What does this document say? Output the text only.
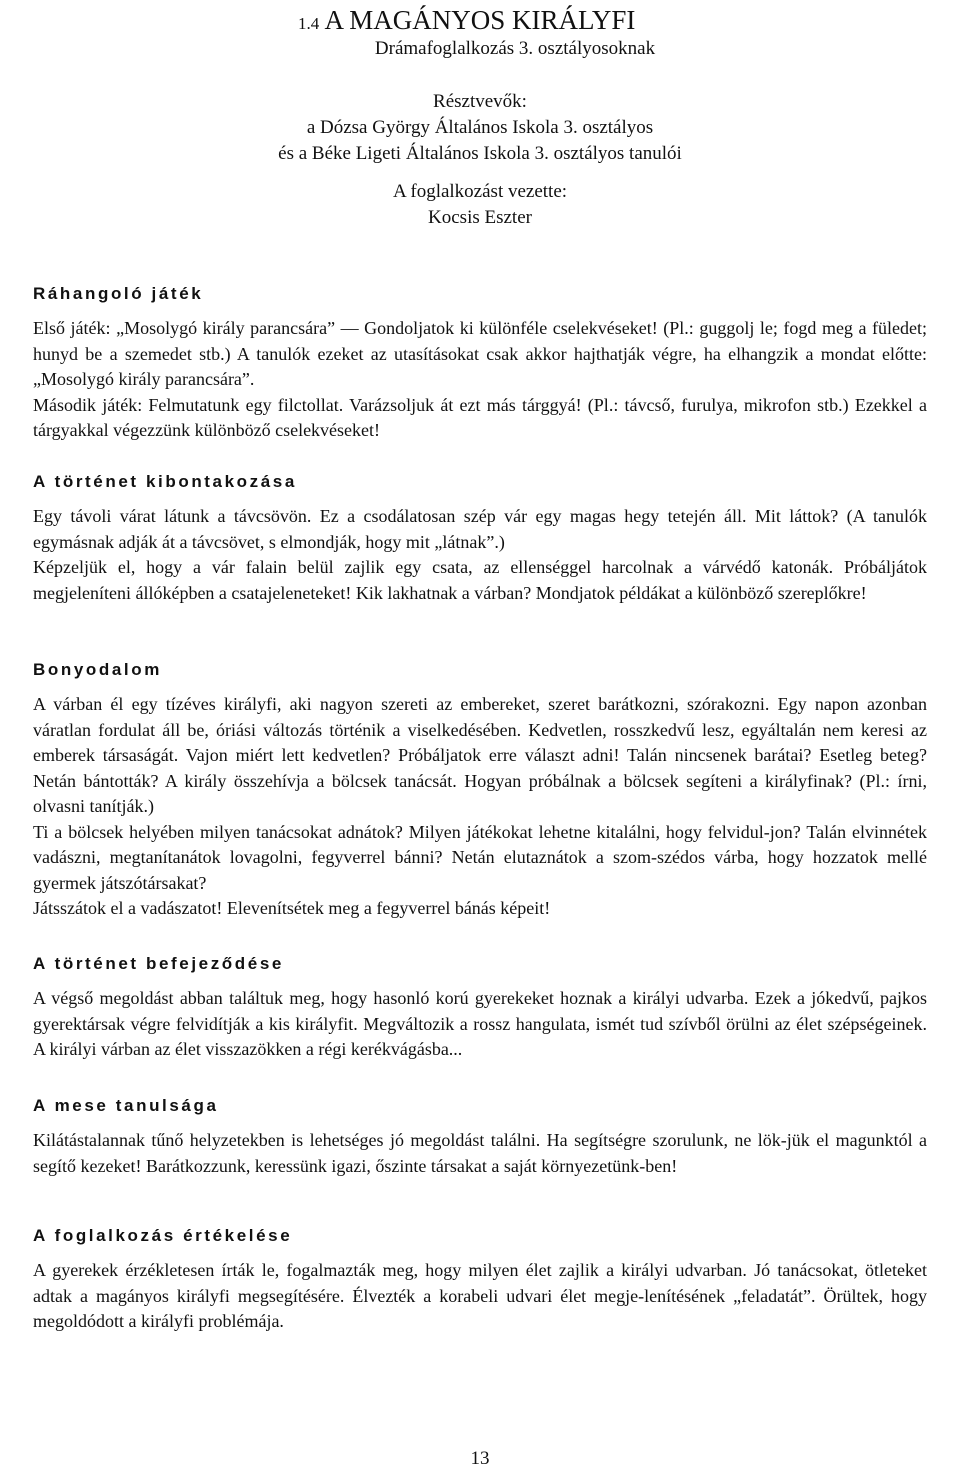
1.4 A MAGÁNYOS KIRÁLYFI
Drámafoglalkozás 3. osztályosoknak
Résztvevők:
a Dózsa György Általános Iskola 3. osztályos
és a Béke Ligeti Általános Iskola 3. osztályos tanulói
A foglalkozást vezette:
Kocsis Eszter
Ráhangoló játék

Első játék: „Mosolygó király parancsára” — Gondoljatok ki különféle cselekvéseket! (Pl.: guggolj le; fogd meg a füledet; hunyd be a szemedet stb.) A tanulók ezeket az utasításokat csak akkor hajthatják végre, ha elhangzik a mondat előtte: „Mosolygó király parancsára”.

Második játék: Felmutatunk egy filctollat. Varázsoljuk át ezt más tárggyá! (Pl.: távcső, furulya, mikrofon stb.) Ezekkel a tárgyakkal végezzünk különböző cselekvéseket!

A történet kibontakozása

Egy távoli várat látunk a távcsövön. Ez a csodálatosan szép vár egy magas hegy tetején áll. Mit láttok? (A tanulók egymásnak adják át a távcsövet, s elmondják, hogy mit „látnak”.)

Képzeljük el, hogy a vár falain belül zajlik egy csata, az ellenséggel harcolnak a várvédő katonák. Próbáljátok megjeleníteni állóképben a csatajeleneteket! Kik lakhatnak a várban? Mondjatok példákat a különböző szereplőkre!

Bonyodalom

A várban él egy tízéves királyfi, aki nagyon szereti az embereket, szeret barátkozni, szórakozni. Egy napon azonban váratlan fordulat áll be, óriási változás történik a viselkedésében. Kedvetlen, rosszkedvű lesz, egyáltalán nem keresi az emberek társaságát. Vajon miért lett kedvetlen? Próbáljatok erre választ adni! Talán nincsenek barátai? Esetleg beteg? Netán bántották? A király összehívja a bölcsek tanácsát. Hogyan próbálnak a bölcsek segíteni a királyfinak? (Pl.: írni, olvasni tanítják.)

Ti a bölcsek helyében milyen tanácsokat adnátok? Milyen játékokat lehetne kitalálni, hogy felvidul-jon? Talán elvinnétek vadászni, megtanítanátok lovagolni, fegyverrel bánni? Netán elutaznátok a szom-szédos várba, hogy hozzatok mellé gyermek játszótársakat?

Játsszátok el a vadászatot! Elevenítsétek meg a fegyverrel bánás képeit!

A történet befejeződése

A végső megoldást abban találtuk meg, hogy hasonló korú gyerekeket hoznak a királyi udvarba. Ezek a jókedvű, pajkos gyerektársak végre felvidítják a kis királyfit. Megváltozik a rossz hangulata, ismét tud szívből örülni az élet szépségeinek. A királyi várban az élet visszazökken a régi kerékvágásba...

A mese tanulsága

Kilátástalannak tűnő helyzetekben is lehetséges jó megoldást találni. Ha segítségre szorulunk, ne lök-jük el magunktól a segítő kezeket! Barátkozzunk, keressünk igazi, őszinte társakat a saját környezetünk-ben!

A foglalkozás értékelése

A gyerekek érzékletesen írták le, fogalmazták meg, hogy milyen élet zajlik a királyi udvarban. Jó tanácsokat, ötleteket adtak a magányos királyfi megsegítésére. Élvezték a korabeli udvari élet megje-lenítésének „feladatát”. Örültek, hogy megoldódott a királyfi problémája.

13
